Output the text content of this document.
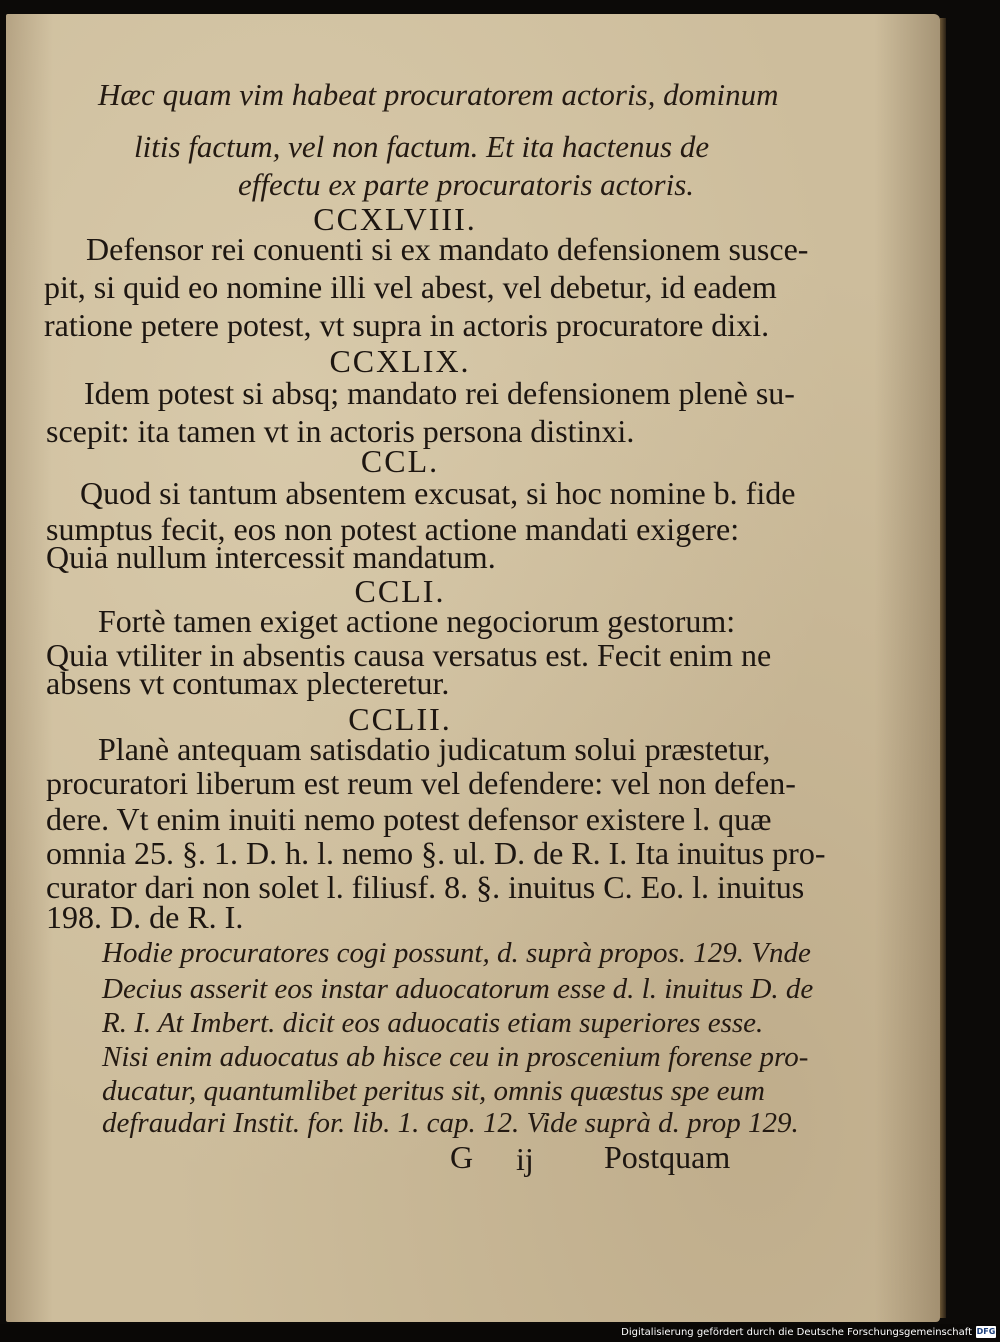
Hæc quam vim habeat procuratorem actoris, dominum
litis factum, vel non factum. Et ita hactenus de
effectu ex parte procuratoris actoris.
CCXLVIII.
Defensor rei conuenti si ex mandato defensionem susce-
pit, si quid eo nomine illi vel abest, vel debetur, id eadem
ratione petere potest, vt supra in actoris procuratore dixi.
CCXLIX.
Idem potest si absq; mandato rei defensionem plenè su-
scepit: ita tamen vt in actoris persona distinxi.
CCL.
Quod si tantum absentem excusat, si hoc nomine b. fide
sumptus fecit, eos non potest actione mandati exigere:
Quia nullum intercessit mandatum.
CCLI.
Fortè tamen exiget actione negociorum gestorum:
Quia vtiliter in absentis causa versatus est. Fecit enim ne
absens vt contumax plecteretur.
CCLII.
Planè antequam satisdatio judicatum solui præstetur,
procuratori liberum est reum vel defendere: vel non defen-
dere. Vt enim inuiti nemo potest defensor existere l. quæ
omnia 25. §. 1. D. h. l. nemo §. ul. D. de R. I. Ita inuitus pro-
curator dari non solet l. filiusf. 8. §. inuitus C. Eo. l. inuitus
198. D. de R. I.
Hodie procuratores cogi possunt, d. suprà propos. 129. Vnde
Decius asserit eos instar aduocatorum esse d. l. inuitus D. de
R. I. At Imbert. dicit eos aduocatis etiam superiores esse.
Nisi enim aduocatus ab hisce ceu in proscenium forense pro-
ducatur, quantumlibet peritus sit, omnis quæstus spe eum
defraudari Instit. for. lib. 1. cap. 12. Vide suprà d. prop 129.
G ij Postquam
Digitalisierung gefördert durch die Deutsche Forschungsgemeinschaft DFG
